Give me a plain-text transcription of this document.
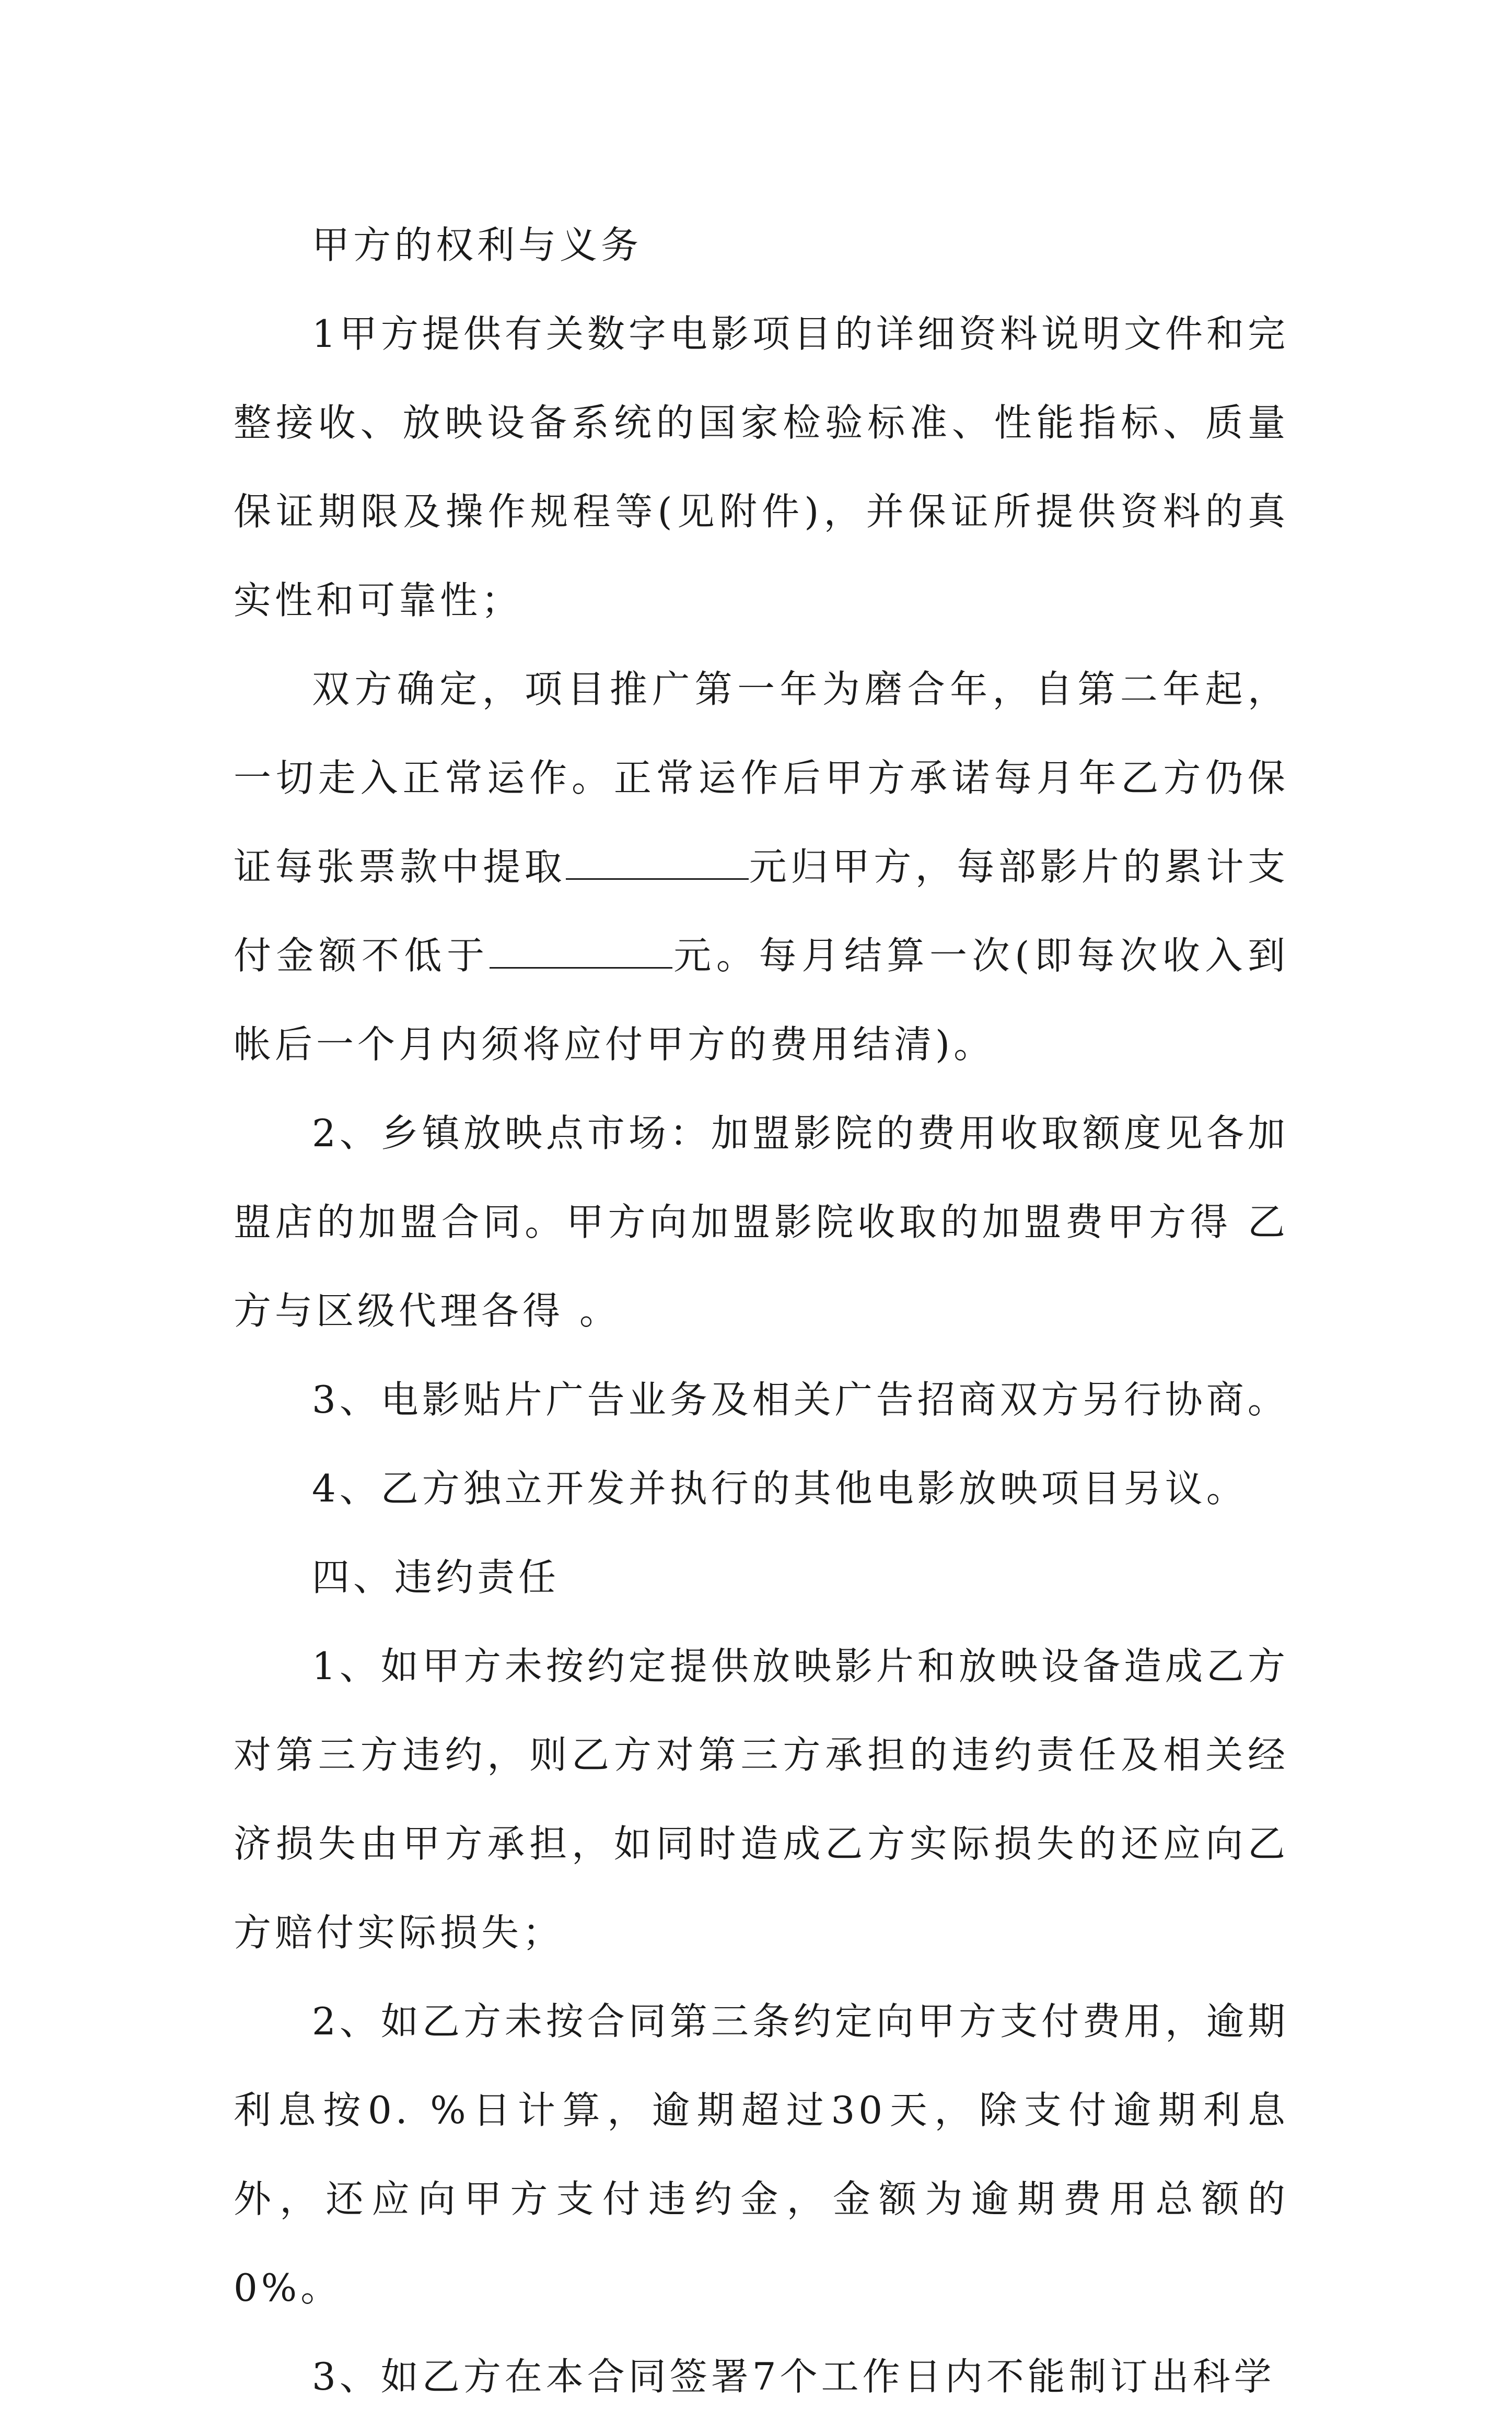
甲方的权利与义务

1甲方提供有关数字电影项目的详细资料说明文件和完整接收、放映设备系统的国家检验标准、性能指标、质量保证期限及操作规程等(见附件)，并保证所提供资料的真实性和可靠性；

双方确定，项目推广第一年为磨合年，自第二年起，一切走入正常运作。正常运作后甲方承诺每月年乙方仍保证每张票款中提取	元归甲方，每部影片的累计支付金额不低于	元。每月结算一次(即每次收入到帐后一个月内须将应付甲方的费用结清)。

2、乡镇放映点市场：加盟影院的费用收取额度见各加盟店的加盟合同。甲方向加盟影院收取的加盟费甲方得 乙方与区级代理各得 。

3、电影贴片广告业务及相关广告招商双方另行协商。

4、乙方独立开发并执行的其他电影放映项目另议。

四、违约责任

1、如甲方未按约定提供放映影片和放映设备造成乙方对第三方违约，则乙方对第三方承担的违约责任及相关经济损失由甲方承担，如同时造成乙方实际损失的还应向乙方赔付实际损失；

2、如乙方未按合同第三条约定向甲方支付费用，逾期利息按0. %日计算，逾期超过30天，除支付逾期利息外，还应向甲方支付违约金，金额为逾期费用总额的 0%。

3、如乙方在本合同签署7个工作日内不能制订出科学
